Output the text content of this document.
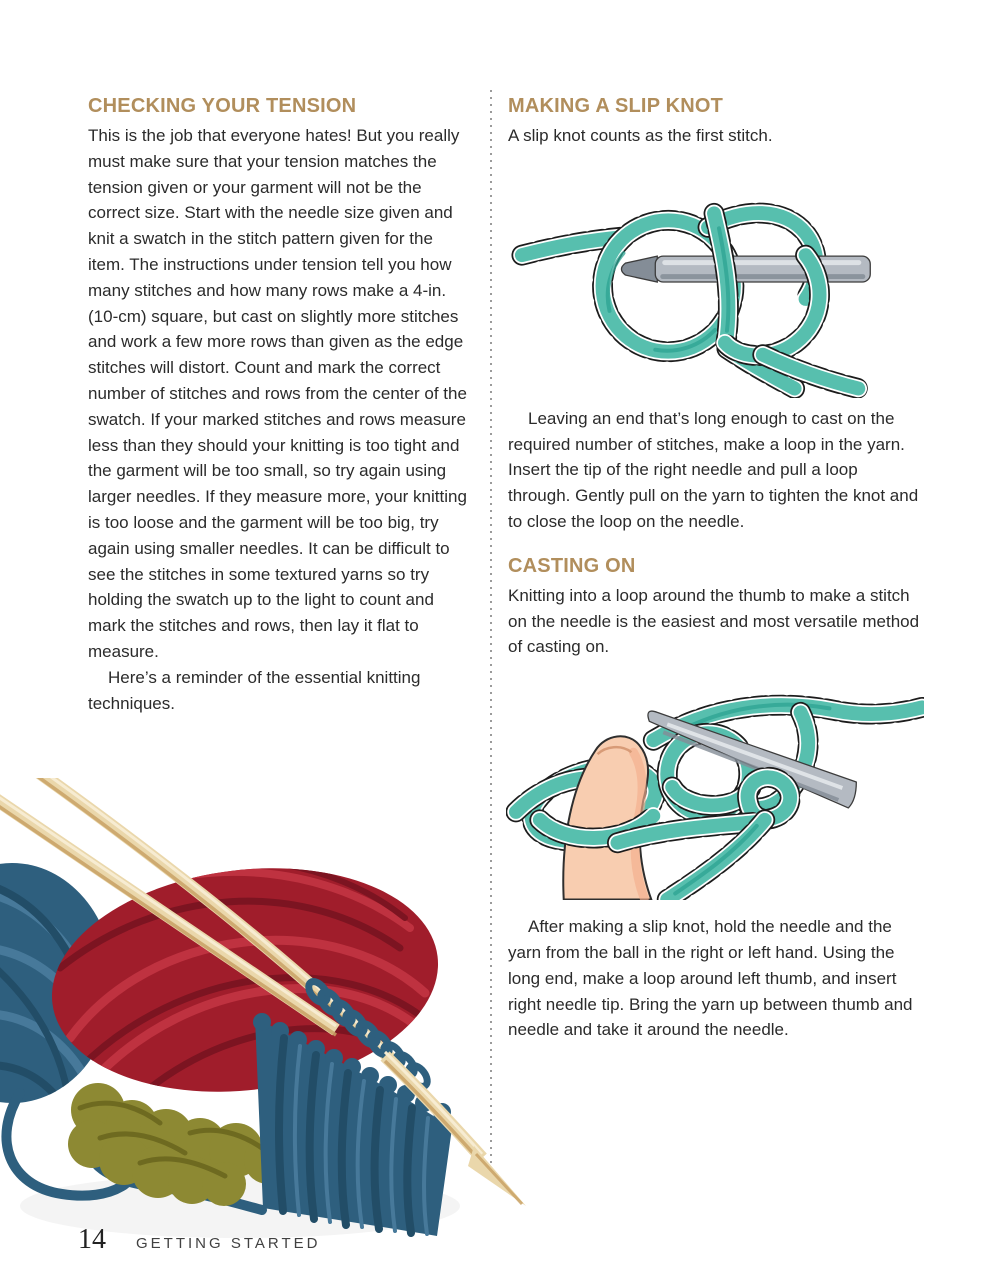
CHECKING YOUR TENSION

This is the job that everyone hates! But you really must make sure that your tension matches the tension given or your garment will not be the correct size. Start with the needle size given and knit a swatch in the stitch pattern given for the item. The instructions under tension tell you how many stitches and how many rows make a 4-in. (10-cm) square, but cast on slightly more stitches and work a few more rows than given as the edge stitches will distort. Count and mark the correct number of stitches and rows from the center of the swatch. If your marked stitches and rows measure less than they should your knitting is too tight and the garment will be too small, so try again using larger needles. If they measure more, your knitting is too loose and the garment will be too big, try again using smaller needles. It can be difficult to see the stitches in some textured yarns so try holding the swatch up to the light to count and mark the stitches and rows, then lay it flat to measure.

Here’s a reminder of the essential knitting techniques.

MAKING A SLIP KNOT

A slip knot counts as the first stitch.

Leaving an end that’s long enough to cast on the required number of stitches, make a loop in the yarn. Insert the tip of the right needle and pull a loop through. Gently pull on the yarn to tighten the knot and to close the loop on the needle.

CASTING ON

Knitting into a loop around the thumb to make a stitch on the needle is the easiest and most versatile method of casting on.

After making a slip knot, hold the needle and the yarn from the ball in the right or left hand. Using the long end, make a loop around left thumb, and insert right needle tip. Bring the yarn up between thumb and needle and take it around the needle.

14 GETTING STARTED
